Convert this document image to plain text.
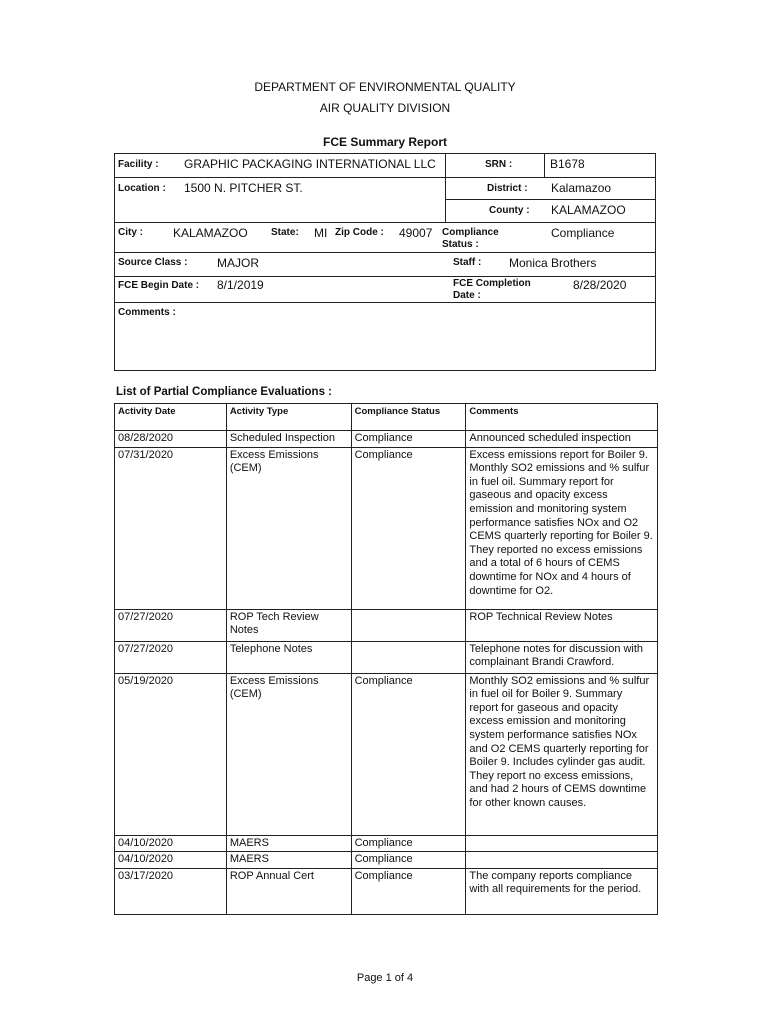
DEPARTMENT OF ENVIRONMENTAL QUALITY
AIR QUALITY DIVISION
FCE Summary Report
Facility : GRAPHIC PACKAGING INTERNATIONAL LLC	SRN :	B1678
Location : 1500 N. PITCHER ST.	District : Kalamazoo
County : KALAMAZOO
City :	KALAMAZOO State: MI Zip Code : 49007 Compliance Status :
Compliance
Source Class : MAJOR	Staff : Monica Brothers
FCE Begin Date : 8/1/2019	FCE Completion Date :
8/28/2020
Comments :
List of Partial Compliance Evaluations :
Activity Date	Activity Type	Compliance Status	Comments
08/28/2020	Scheduled Inspection	Compliance	Announced scheduled inspection
07/31/2020	Excess Emissions (CEM)	Compliance	Excess emissions report for Boiler 9. Monthly SO2 emissions and % sulfur in fuel oil. Summary report for gaseous and opacity excess emission and monitoring system performance satisfies NOx and O2 CEMS quarterly reporting for Boiler 9. They reported no excess emissions and a total of 6 hours of CEMS downtime for NOx and 4 hours of downtime for O2.
07/27/2020	ROP Tech Review Notes		ROP Technical Review Notes
07/27/2020	Telephone Notes		Telephone notes for discussion with complainant Brandi Crawford.
05/19/2020	Excess Emissions (CEM)	Compliance	Monthly SO2 emissions and % sulfur in fuel oil for Boiler 9. Summary report for gaseous and opacity excess emission and monitoring system performance satisfies NOx and O2 CEMS quarterly reporting for Boiler 9. Includes cylinder gas audit. They report no excess emissions, and had 2 hours of CEMS downtime for other known causes.
04/10/2020	MAERS	Compliance	
04/10/2020	MAERS	Compliance	
03/17/2020	ROP Annual Cert	Compliance	The company reports compliance with all requirements for the period.
Page 1 of 4
